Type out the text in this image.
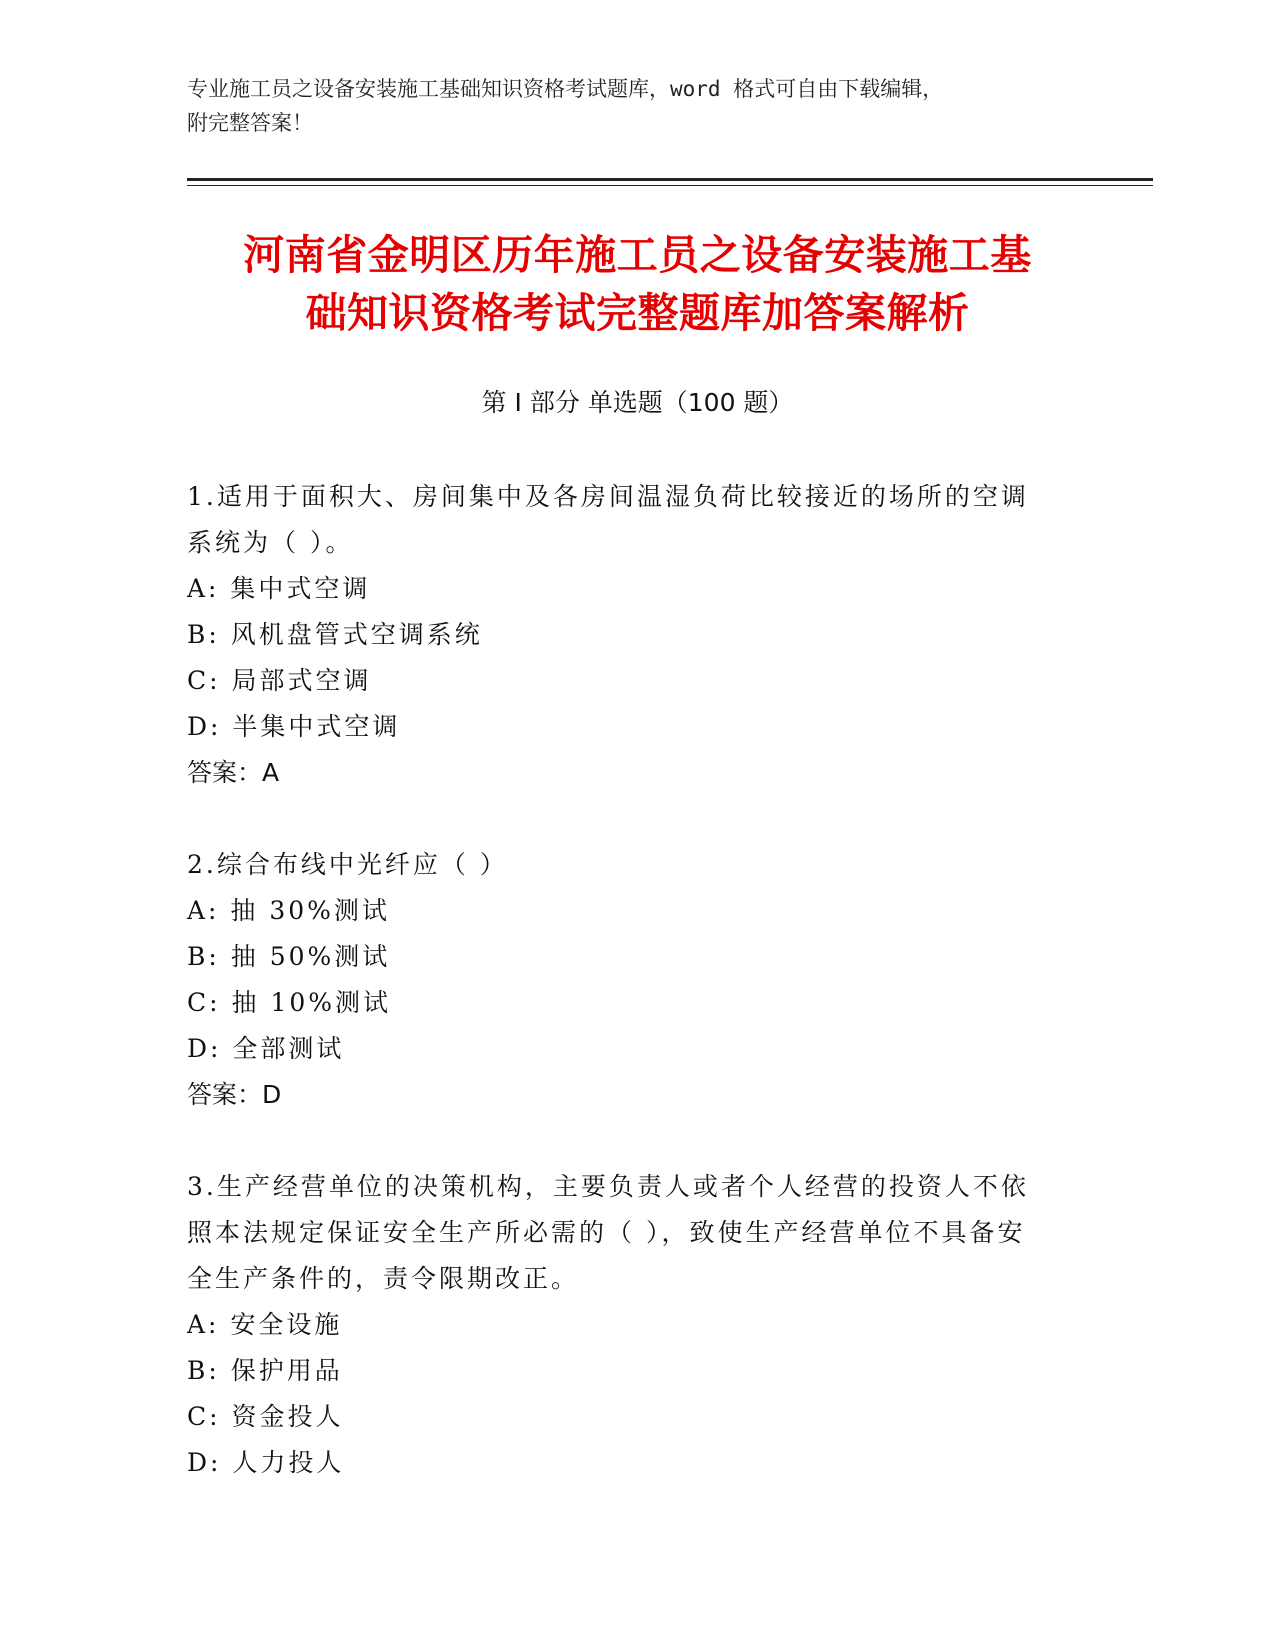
专业施工员之设备安装施工基础知识资格考试题库，word 格式可自由下载编辑，
附完整答案！
河南省金明区历年施工员之设备安装施工基
础知识资格考试完整题库加答案解析
第 I 部分 单选题（100 题）
1.适用于面积大、房间集中及各房间温湿负荷比较接近的场所的空调
系统为（ ）。
A: 集中式空调
B: 风机盘管式空调系统
C: 局部式空调
D: 半集中式空调
答案：A
2.综合布线中光纤应（ ）
A: 抽 30%测试
B: 抽 50%测试
C: 抽 10%测试
D: 全部测试
答案：D
3.生产经营单位的决策机构，主要负责人或者个人经营的投资人不依
照本法规定保证安全生产所必需的（ ），致使生产经营单位不具备安
全生产条件的，责令限期改正。
A: 安全设施
B: 保护用品
C: 资金投人
D: 人力投人
